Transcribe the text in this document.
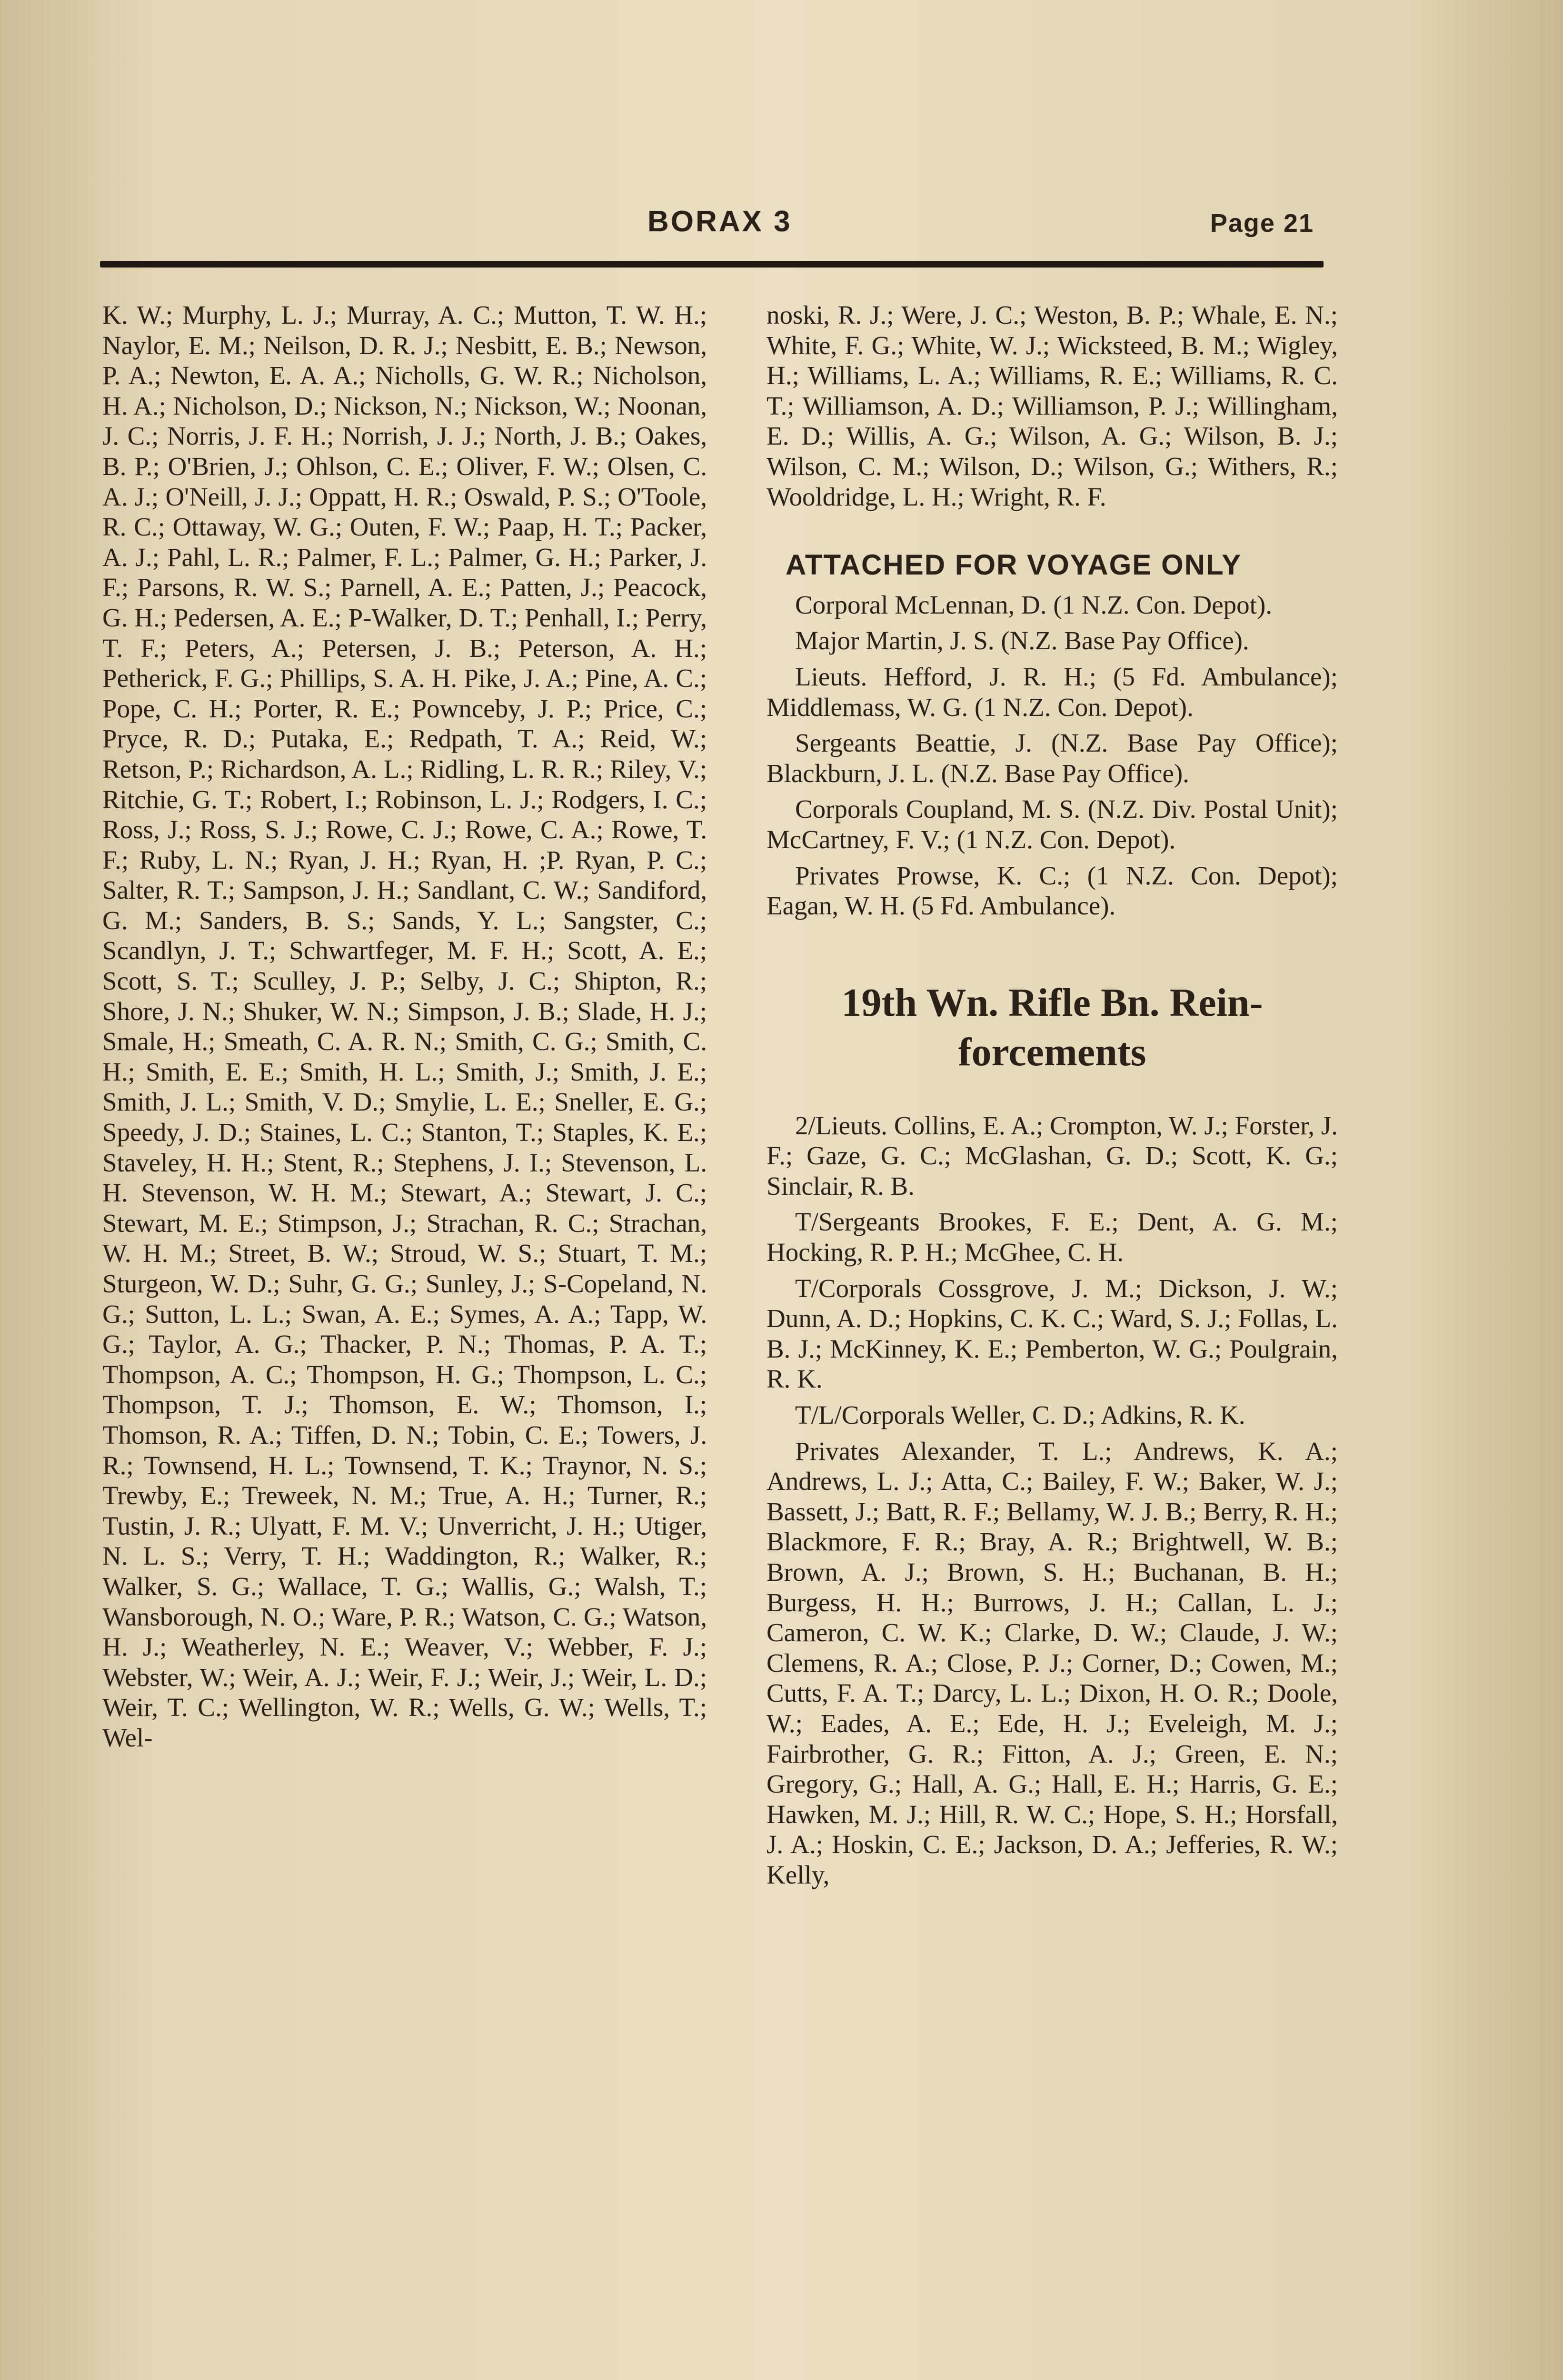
BORAX 3	Page 21

K. W.; Murphy, L. J.; Murray, A. C.; Mutton, T. W. H.; Naylor, E. M.; Neilson, D. R. J.; Nesbitt, E. B.; Newson, P. A.; Newton, E. A. A.; Nicholls, G. W. R.; Nicholson, H. A.; Nicholson, D.; Nickson, N.; Nickson, W.; Noonan, J. C.; Norris, J. F. H.; Norrish, J. J.; North, J. B.; Oakes, B. P.; O'Brien, J.; Ohlson, C. E.; Oliver, F. W.; Olsen, C. A. J.; O'Neill, J. J.; Oppatt, H. R.; Oswald, P. S.; O'Toole, R. C.; Ottaway, W. G.; Outen, F. W.; Paap, H. T.; Packer, A. J.; Pahl, L. R.; Palmer, F. L.; Palmer, G. H.; Parker, J. F.; Parsons, R. W. S.; Parnell, A. E.; Patten, J.; Peacock, G. H.; Pedersen, A. E.; P-Walker, D. T.; Penhall, I.; Perry, T. F.; Peters, A.; Petersen, J. B.; Peterson, A. H.; Petherick, F. G.; Phillips, S. A. H. Pike, J. A.; Pine, A. C.; Pope, C. H.; Porter, R. E.; Pownceby, J. P.; Price, C.; Pryce, R. D.; Putaka, E.; Redpath, T. A.; Reid, W.; Retson, P.; Richardson, A. L.; Ridling, L. R. R.; Riley, V.; Ritchie, G. T.; Robert, I.; Robinson, L. J.; Rodgers, I. C.; Ross, J.; Ross, S. J.; Rowe, C. J.; Rowe, C. A.; Rowe, T. F.; Ruby, L. N.; Ryan, J. H.; Ryan, H. ;P. Ryan, P. C.; Salter, R. T.; Sampson, J. H.; Sandlant, C. W.; Sandiford, G. M.; Sanders, B. S.; Sands, Y. L.; Sangster, C.; Scandlyn, J. T.; Schwartfeger, M. F. H.; Scott, A. E.; Scott, S. T.; Sculley, J. P.; Selby, J. C.; Shipton, R.; Shore, J. N.; Shuker, W. N.; Simpson, J. B.; Slade, H. J.; Smale, H.; Smeath, C. A. R. N.; Smith, C. G.; Smith, C. H.; Smith, E. E.; Smith, H. L.; Smith, J.; Smith, J. E.; Smith, J. L.; Smith, V. D.; Smylie, L. E.; Sneller, E. G.; Speedy, J. D.; Staines, L. C.; Stanton, T.; Staples, K. E.; Staveley, H. H.; Stent, R.; Stephens, J. I.; Stevenson, L. H. Stevenson, W. H. M.; Stewart, A.; Stewart, J. C.; Stewart, M. E.; Stimpson, J.; Strachan, R. C.; Strachan, W. H. M.; Street, B. W.; Stroud, W. S.; Stuart, T. M.; Sturgeon, W. D.; Suhr, G. G.; Sunley, J.; S-Copeland, N. G.; Sutton, L. L.; Swan, A. E.; Symes, A. A.; Tapp, W. G.; Taylor, A. G.; Thacker, P. N.; Thomas, P. A. T.; Thompson, A. C.; Thompson, H. G.; Thompson, L. C.; Thompson, T. J.; Thomson, E. W.; Thomson, I.; Thomson, R. A.; Tiffen, D. N.; Tobin, C. E.; Towers, J. R.; Townsend, H. L.; Townsend, T. K.; Traynor, N. S.; Trewby, E.; Treweek, N. M.; True, A. H.; Turner, R.; Tustin, J. R.; Ulyatt, F. M. V.; Unverricht, J. H.; Utiger, N. L. S.; Verry, T. H.; Waddington, R.; Walker, R.; Walker, S. G.; Wallace, T. G.; Wallis, G.; Walsh, T.; Wansborough, N. O.; Ware, P. R.; Watson, C. G.; Watson, H. J.; Weatherley, N. E.; Weaver, V.; Webber, F. J.; Webster, W.; Weir, A. J.; Weir, F. J.; Weir, J.; Weir, L. D.; Weir, T. C.; Wellington, W. R.; Wells, G. W.; Wells, T.; Wel-

noski, R. J.; Were, J. C.; Weston, B. P.; Whale, E. N.; White, F. G.; White, W. J.; Wicksteed, B. M.; Wigley, H.; Williams, L. A.; Williams, R. E.; Williams, R. C. T.; Williamson, A. D.; Williamson, P. J.; Willingham, E. D.; Willis, A. G.; Wilson, A. G.; Wilson, B. J.; Wilson, C. M.; Wilson, D.; Wilson, G.; Withers, R.; Wooldridge, L. H.; Wright, R. F.

ATTACHED FOR VOYAGE ONLY

Corporal McLennan, D. (1 N.Z. Con. Depot).

Major Martin, J. S. (N.Z. Base Pay Office).

Lieuts. Hefford, J. R. H.; (5 Fd. Ambulance); Middlemass, W. G. (1 N.Z. Con. Depot).

Sergeants Beattie, J. (N.Z. Base Pay Office); Blackburn, J. L. (N.Z. Base Pay Office).

Corporals Coupland, M. S. (N.Z. Div. Postal Unit); McCartney, F. V.; (1 N.Z. Con. Depot).

Privates Prowse, K. C.; (1 N.Z. Con. Depot); Eagan, W. H. (5 Fd. Ambulance).

19th Wn. Rifle Bn. Rein-
forcements

2/Lieuts. Collins, E. A.; Crompton, W. J.; Forster, J. F.; Gaze, G. C.; McGlashan, G. D.; Scott, K. G.; Sinclair, R. B.

T/Sergeants Brookes, F. E.; Dent, A. G. M.; Hocking, R. P. H.; McGhee, C. H.

T/Corporals Cossgrove, J. M.; Dickson, J. W.; Dunn, A. D.; Hopkins, C. K. C.; Ward, S. J.; Follas, L. B. J.; McKinney, K. E.; Pemberton, W. G.; Poulgrain, R. K.

T/L/Corporals Weller, C. D.; Adkins, R. K.

Privates Alexander, T. L.; Andrews, K. A.; Andrews, L. J.; Atta, C.; Bailey, F. W.; Baker, W. J.; Bassett, J.; Batt, R. F.; Bellamy, W. J. B.; Berry, R. H.; Blackmore, F. R.; Bray, A. R.; Brightwell, W. B.; Brown, A. J.; Brown, S. H.; Buchanan, B. H.; Burgess, H. H.; Burrows, J. H.; Callan, L. J.; Cameron, C. W. K.; Clarke, D. W.; Claude, J. W.; Clemens, R. A.; Close, P. J.; Corner, D.; Cowen, M.; Cutts, F. A. T.; Darcy, L. L.; Dixon, H. O. R.; Doole, W.; Eades, A. E.; Ede, H. J.; Eveleigh, M. J.; Fairbrother, G. R.; Fitton, A. J.; Green, E. N.; Gregory, G.; Hall, A. G.; Hall, E. H.; Harris, G. E.; Hawken, M. J.; Hill, R. W. C.; Hope, S. H.; Horsfall, J. A.; Hoskin, C. E.; Jackson, D. A.; Jefferies, R. W.; Kelly,
